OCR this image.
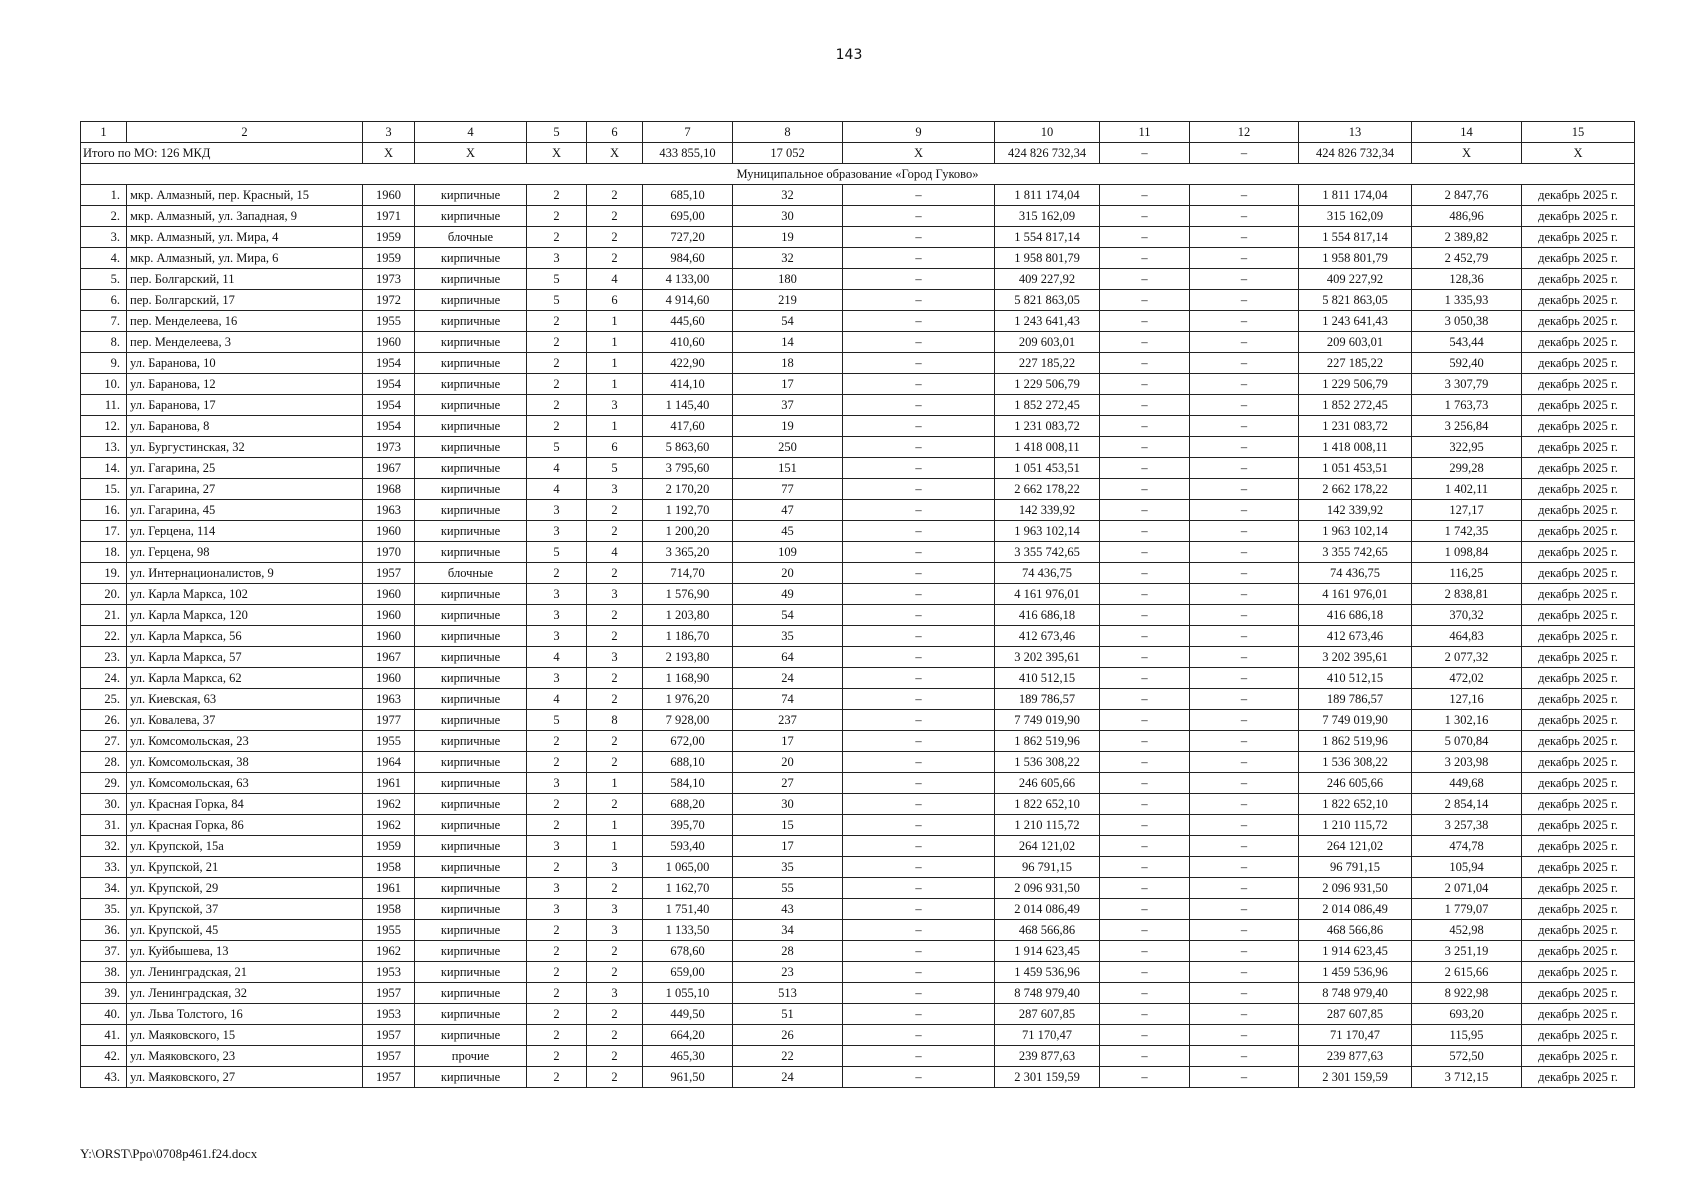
143
1	2	3	4	5	6	7	8	9	10	11	12	13	14	15
Итого по МО: 126 МКД		X	X	X	X	433 855,10	17 052	X	424 826 732,34	–	–	424 826 732,34	X	X
Муниципальное образование «Город Гуково»														
1.	мкр. Алмазный, пер. Красный, 15	1960	кирпичные	2	2	685,10	32	–	1 811 174,04	–	–	1 811 174,04	2 847,76	декабрь 2025 г.
2.	мкр. Алмазный, ул. Западная, 9	1971	кирпичные	2	2	695,00	30	–	315 162,09	–	–	315 162,09	486,96	декабрь 2025 г.
3.	мкр. Алмазный, ул. Мира, 4	1959	блочные	2	2	727,20	19	–	1 554 817,14	–	–	1 554 817,14	2 389,82	декабрь 2025 г.
4.	мкр. Алмазный, ул. Мира, 6	1959	кирпичные	3	2	984,60	32	–	1 958 801,79	–	–	1 958 801,79	2 452,79	декабрь 2025 г.
5.	пер. Болгарский, 11	1973	кирпичные	5	4	4 133,00	180	–	409 227,92	–	–	409 227,92	128,36	декабрь 2025 г.
6.	пер. Болгарский, 17	1972	кирпичные	5	6	4 914,60	219	–	5 821 863,05	–	–	5 821 863,05	1 335,93	декабрь 2025 г.
7.	пер. Менделеева, 16	1955	кирпичные	2	1	445,60	54	–	1 243 641,43	–	–	1 243 641,43	3 050,38	декабрь 2025 г.
8.	пер. Менделеева, 3	1960	кирпичные	2	1	410,60	14	–	209 603,01	–	–	209 603,01	543,44	декабрь 2025 г.
9.	ул. Баранова, 10	1954	кирпичные	2	1	422,90	18	–	227 185,22	–	–	227 185,22	592,40	декабрь 2025 г.
10.	ул. Баранова, 12	1954	кирпичные	2	1	414,10	17	–	1 229 506,79	–	–	1 229 506,79	3 307,79	декабрь 2025 г.
11.	ул. Баранова, 17	1954	кирпичные	2	3	1 145,40	37	–	1 852 272,45	–	–	1 852 272,45	1 763,73	декабрь 2025 г.
12.	ул. Баранова, 8	1954	кирпичные	2	1	417,60	19	–	1 231 083,72	–	–	1 231 083,72	3 256,84	декабрь 2025 г.
13.	ул. Бургустинская, 32	1973	кирпичные	5	6	5 863,60	250	–	1 418 008,11	–	–	1 418 008,11	322,95	декабрь 2025 г.
14.	ул. Гагарина, 25	1967	кирпичные	4	5	3 795,60	151	–	1 051 453,51	–	–	1 051 453,51	299,28	декабрь 2025 г.
15.	ул. Гагарина, 27	1968	кирпичные	4	3	2 170,20	77	–	2 662 178,22	–	–	2 662 178,22	1 402,11	декабрь 2025 г.
16.	ул. Гагарина, 45	1963	кирпичные	3	2	1 192,70	47	–	142 339,92	–	–	142 339,92	127,17	декабрь 2025 г.
17.	ул. Герцена, 114	1960	кирпичные	3	2	1 200,20	45	–	1 963 102,14	–	–	1 963 102,14	1 742,35	декабрь 2025 г.
18.	ул. Герцена, 98	1970	кирпичные	5	4	3 365,20	109	–	3 355 742,65	–	–	3 355 742,65	1 098,84	декабрь 2025 г.
19.	ул. Интернационалистов, 9	1957	блочные	2	2	714,70	20	–	74 436,75	–	–	74 436,75	116,25	декабрь 2025 г.
20.	ул. Карла Маркса, 102	1960	кирпичные	3	3	1 576,90	49	–	4 161 976,01	–	–	4 161 976,01	2 838,81	декабрь 2025 г.
21.	ул. Карла Маркса, 120	1960	кирпичные	3	2	1 203,80	54	–	416 686,18	–	–	416 686,18	370,32	декабрь 2025 г.
22.	ул. Карла Маркса, 56	1960	кирпичные	3	2	1 186,70	35	–	412 673,46	–	–	412 673,46	464,83	декабрь 2025 г.
23.	ул. Карла Маркса, 57	1967	кирпичные	4	3	2 193,80	64	–	3 202 395,61	–	–	3 202 395,61	2 077,32	декабрь 2025 г.
24.	ул. Карла Маркса, 62	1960	кирпичные	3	2	1 168,90	24	–	410 512,15	–	–	410 512,15	472,02	декабрь 2025 г.
25.	ул. Киевская, 63	1963	кирпичные	4	2	1 976,20	74	–	189 786,57	–	–	189 786,57	127,16	декабрь 2025 г.
26.	ул. Ковалева, 37	1977	кирпичные	5	8	7 928,00	237	–	7 749 019,90	–	–	7 749 019,90	1 302,16	декабрь 2025 г.
27.	ул. Комсомольская, 23	1955	кирпичные	2	2	672,00	17	–	1 862 519,96	–	–	1 862 519,96	5 070,84	декабрь 2025 г.
28.	ул. Комсомольская, 38	1964	кирпичные	2	2	688,10	20	–	1 536 308,22	–	–	1 536 308,22	3 203,98	декабрь 2025 г.
29.	ул. Комсомольская, 63	1961	кирпичные	3	1	584,10	27	–	246 605,66	–	–	246 605,66	449,68	декабрь 2025 г.
30.	ул. Красная Горка, 84	1962	кирпичные	2	2	688,20	30	–	1 822 652,10	–	–	1 822 652,10	2 854,14	декабрь 2025 г.
31.	ул. Красная Горка, 86	1962	кирпичные	2	1	395,70	15	–	1 210 115,72	–	–	1 210 115,72	3 257,38	декабрь 2025 г.
32.	ул. Крупской, 15а	1959	кирпичные	3	1	593,40	17	–	264 121,02	–	–	264 121,02	474,78	декабрь 2025 г.
33.	ул. Крупской, 21	1958	кирпичные	2	3	1 065,00	35	–	96 791,15	–	–	96 791,15	105,94	декабрь 2025 г.
34.	ул. Крупской, 29	1961	кирпичные	3	2	1 162,70	55	–	2 096 931,50	–	–	2 096 931,50	2 071,04	декабрь 2025 г.
35.	ул. Крупской, 37	1958	кирпичные	3	3	1 751,40	43	–	2 014 086,49	–	–	2 014 086,49	1 779,07	декабрь 2025 г.
36.	ул. Крупской, 45	1955	кирпичные	2	3	1 133,50	34	–	468 566,86	–	–	468 566,86	452,98	декабрь 2025 г.
37.	ул. Куйбышева, 13	1962	кирпичные	2	2	678,60	28	–	1 914 623,45	–	–	1 914 623,45	3 251,19	декабрь 2025 г.
38.	ул. Ленинградская, 21	1953	кирпичные	2	2	659,00	23	–	1 459 536,96	–	–	1 459 536,96	2 615,66	декабрь 2025 г.
39.	ул. Ленинградская, 32	1957	кирпичные	2	3	1 055,10	513	–	8 748 979,40	–	–	8 748 979,40	8 922,98	декабрь 2025 г.
40.	ул. Льва Толстого, 16	1953	кирпичные	2	2	449,50	51	–	287 607,85	–	–	287 607,85	693,20	декабрь 2025 г.
41.	ул. Маяковского, 15	1957	кирпичные	2	2	664,20	26	–	71 170,47	–	–	71 170,47	115,95	декабрь 2025 г.
42.	ул. Маяковского, 23	1957	прочие	2	2	465,30	22	–	239 877,63	–	–	239 877,63	572,50	декабрь 2025 г.
43.	ул. Маяковского, 27	1957	кирпичные	2	2	961,50	24	–	2 301 159,59	–	–	2 301 159,59	3 712,15	декабрь 2025 г.
Y:\ORST\Ppo\0708p461.f24.docx
